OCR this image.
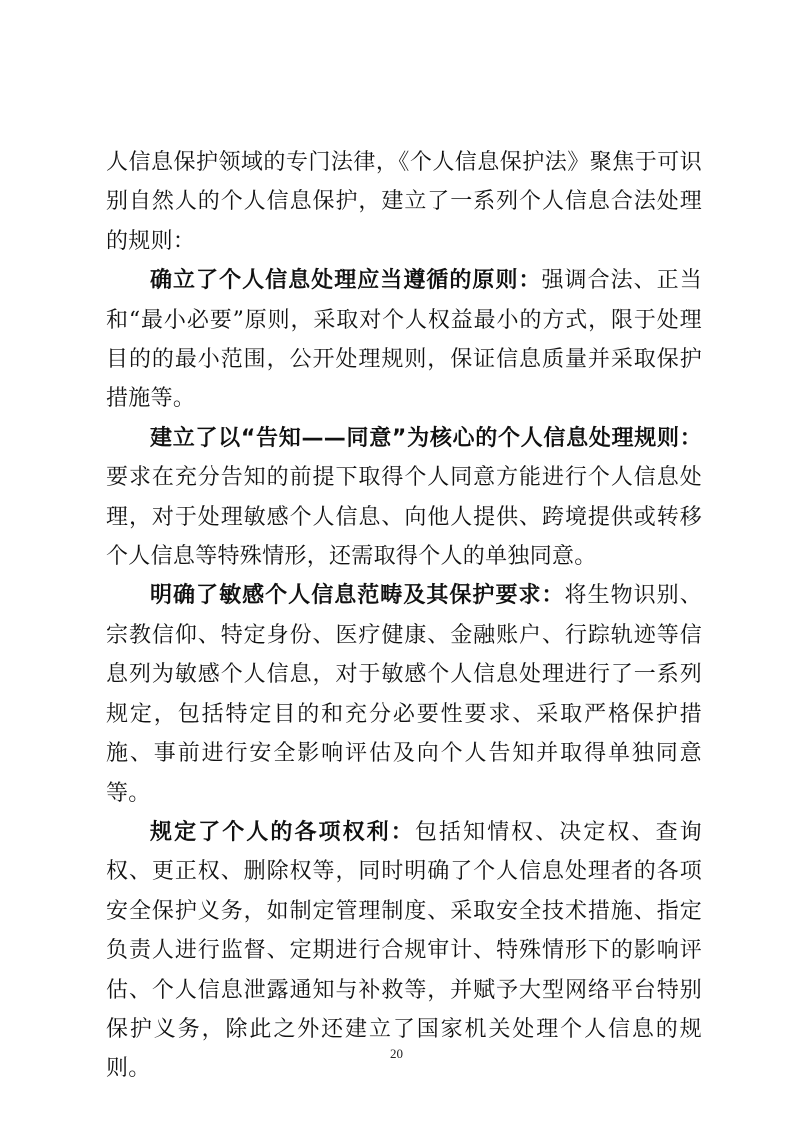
人信息保护领域的专门法律，《个人信息保护法》聚焦于可识别自然人的个人信息保护，建立了一系列个人信息合法处理的规则：

确立了个人信息处理应当遵循的原则：强调合法、正当和“最小必要”原则，采取对个人权益最小的方式，限于处理目的的最小范围，公开处理规则，保证信息质量并采取保护措施等。

建立了以“告知——同意”为核心的个人信息处理规则：要求在充分告知的前提下取得个人同意方能进行个人信息处理，对于处理敏感个人信息、向他人提供、跨境提供或转移个人信息等特殊情形，还需取得个人的单独同意。

明确了敏感个人信息范畴及其保护要求：将生物识别、宗教信仰、特定身份、医疗健康、金融账户、行踪轨迹等信息列为敏感个人信息，对于敏感个人信息处理进行了一系列规定，包括特定目的和充分必要性要求、采取严格保护措施、事前进行安全影响评估及向个人告知并取得单独同意等。

规定了个人的各项权利：包括知情权、决定权、查询权、更正权、删除权等，同时明确了个人信息处理者的各项安全保护义务，如制定管理制度、采取安全技术措施、指定负责人进行监督、定期进行合规审计、特殊情形下的影响评估、个人信息泄露通知与补救等，并赋予大型网络平台特别保护义务，除此之外还建立了国家机关处理个人信息的规则。

20
